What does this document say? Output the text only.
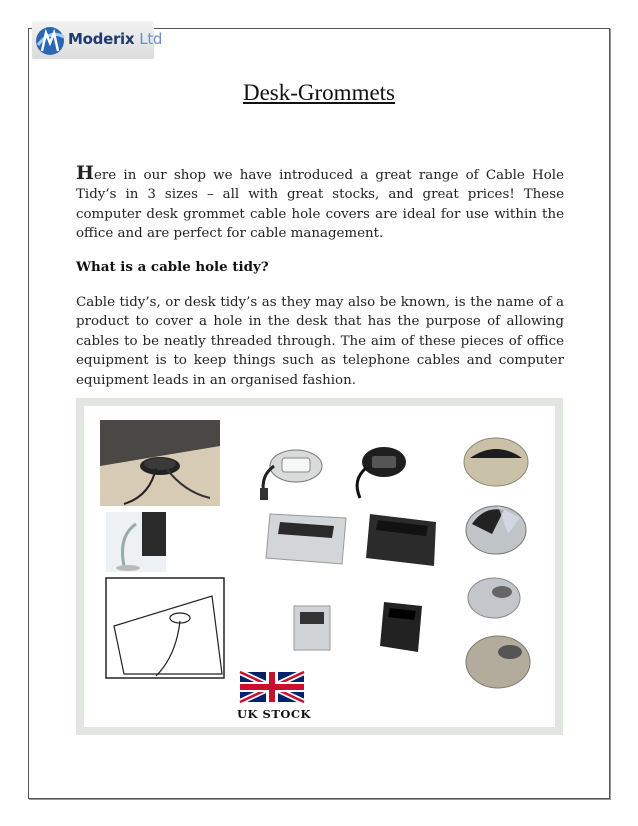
Moderix Ltd
Desk-Grommets
Here in our shop we have introduced a great range of Cable Hole Tidy’s in 3 sizes – all with great stocks, and great prices! These computer desk grommet cable hole covers are ideal for use within the office and are perfect for cable management.
What is a cable hole tidy?
Cable tidy’s, or desk tidy’s as they may also be known, is the name of a product to cover a hole in the desk that has the purpose of allowing cables to be neatly threaded through. The aim of these pieces of office equipment is to keep things such as telephone cables and computer equipment leads in an organised fashion.
UK STOCK
